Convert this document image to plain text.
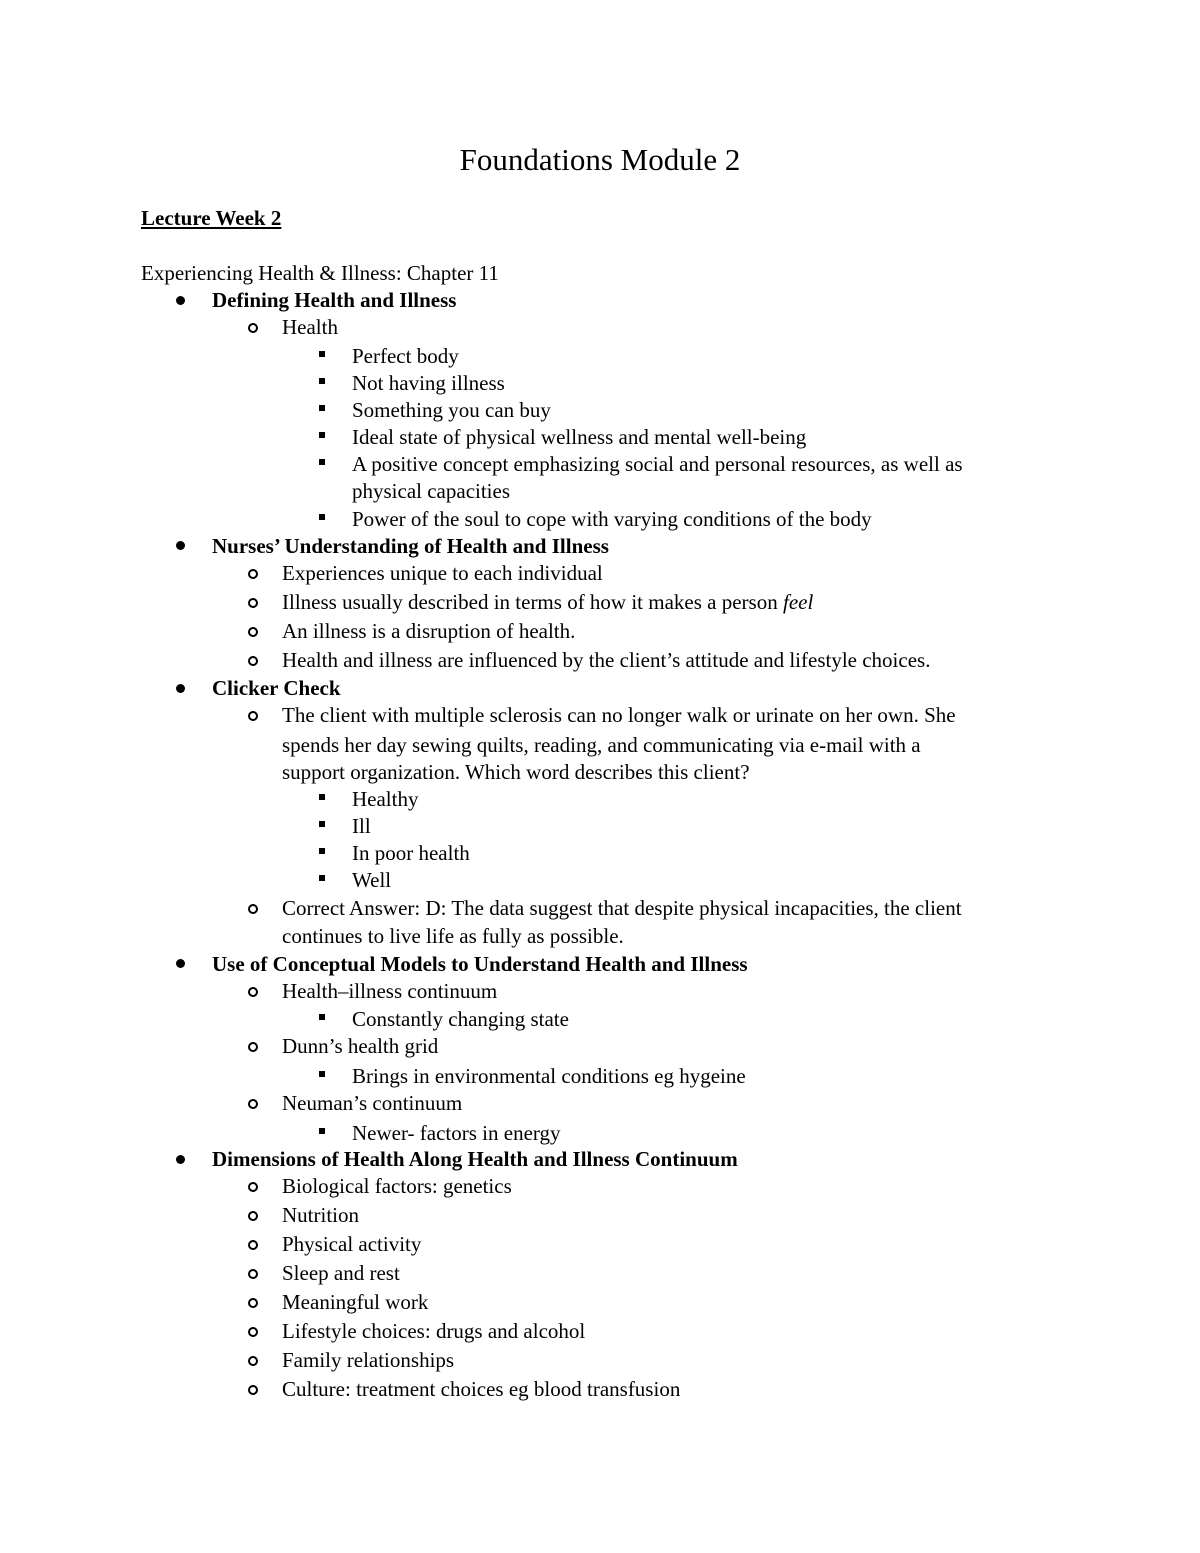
Foundations Module 2
Lecture Week 2
Experiencing Health & Illness: Chapter 11
Defining Health and Illness
Health
Perfect body
Not having illness
Something you can buy
Ideal state of physical wellness and mental well-being
A positive concept emphasizing social and personal resources, as well as
physical capacities
Power of the soul to cope with varying conditions of the body
Nurses’ Understanding of Health and Illness
Experiences unique to each individual
Illness usually described in terms of how it makes a person feel
An illness is a disruption of health.
Health and illness are influenced by the client’s attitude and lifestyle choices.
Clicker Check
The client with multiple sclerosis can no longer walk or urinate on her own. She
spends her day sewing quilts, reading, and communicating via e-mail with a
support organization. Which word describes this client?
Healthy
Ill
In poor health
Well
Correct Answer: D: The data suggest that despite physical incapacities, the client
continues to live life as fully as possible.
Use of Conceptual Models to Understand Health and Illness
Health–illness continuum
Constantly changing state
Dunn’s health grid
Brings in environmental conditions eg hygeine
Neuman’s continuum
Newer- factors in energy
Dimensions of Health Along Health and Illness Continuum
Biological factors: genetics
Nutrition
Physical activity
Sleep and rest
Meaningful work
Lifestyle choices: drugs and alcohol
Family relationships
Culture: treatment choices eg blood transfusion
